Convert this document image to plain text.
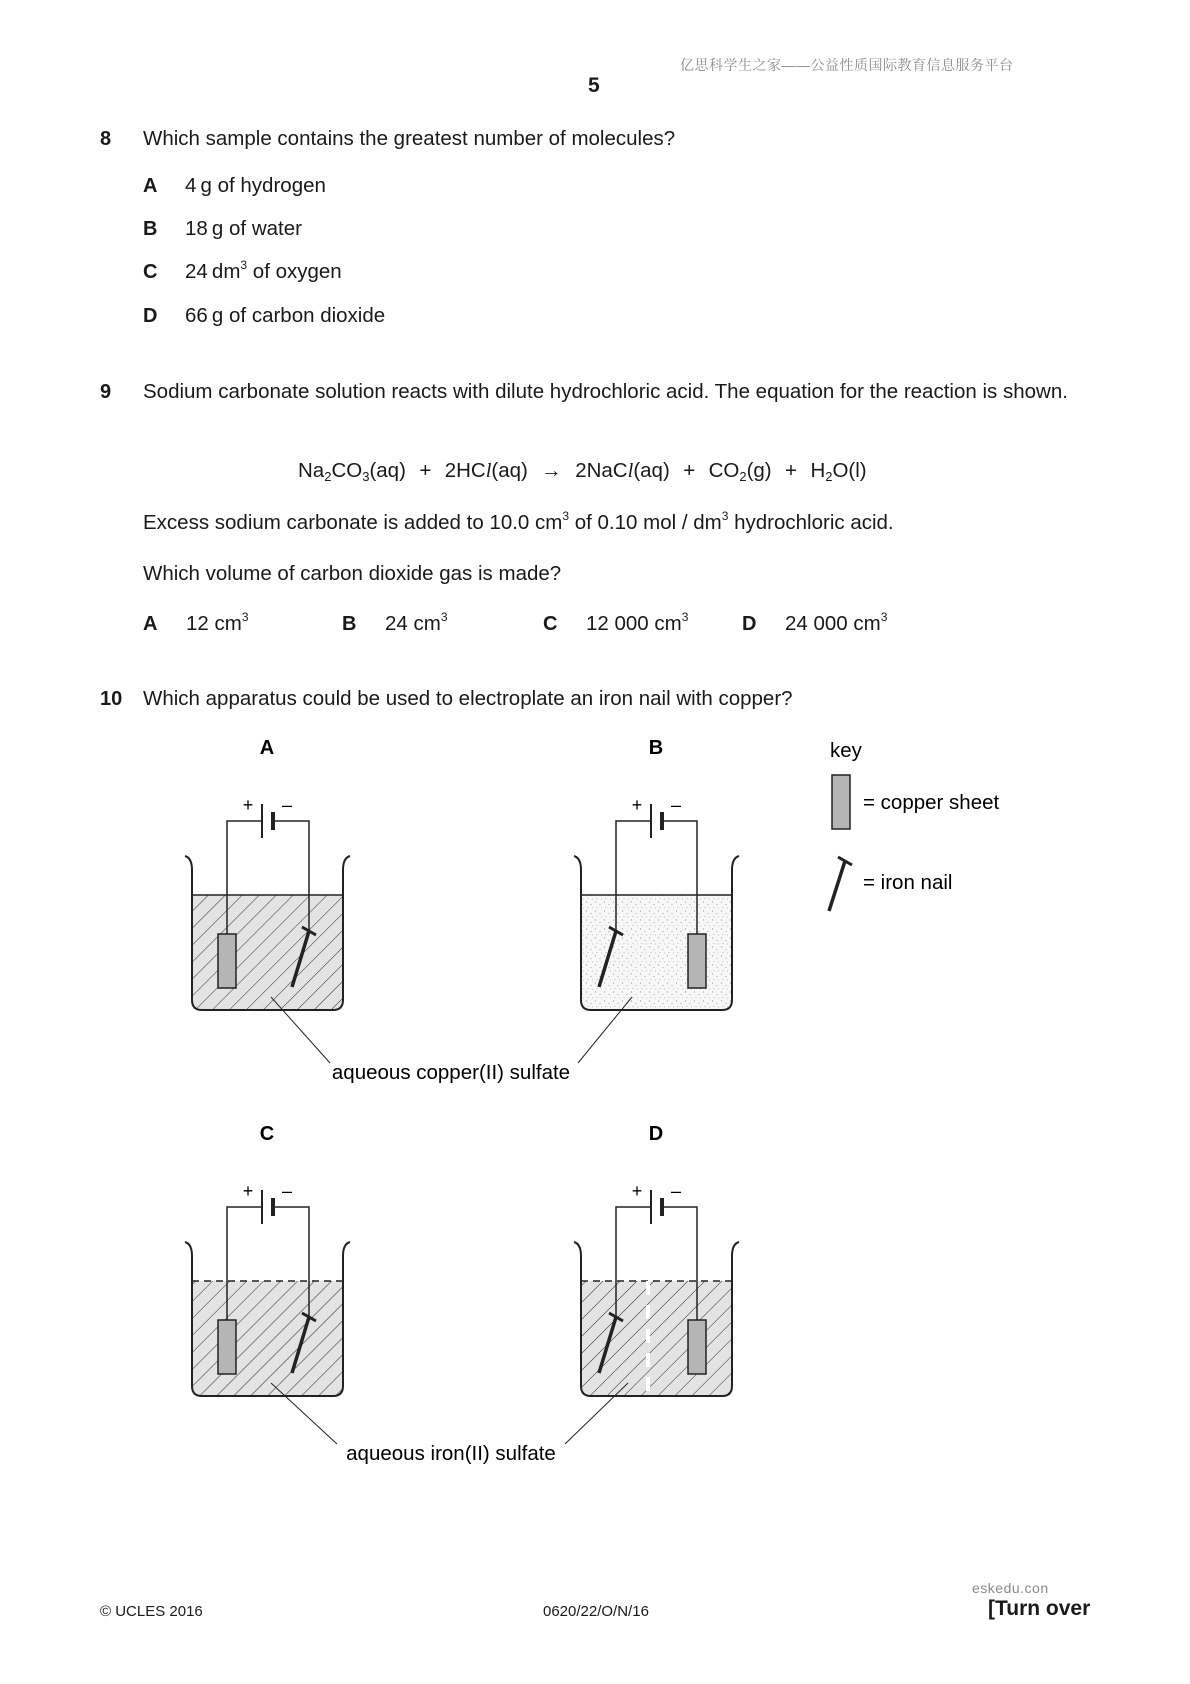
亿思科学生之家——公益性质国际教育信息服务平台
5
8 Which sample contains the greatest number of molecules?
A 4  g of hydrogen
B 18  g of water
C 24  $dm^3$ of oxygen
D 66  g of carbon dioxide
9 Sodium carbonate solution reacts with dilute hydrochloric acid. The equation for the reaction is shown.
$Na_2CO_3(aq) + 2HCl(aq)$ → 2NaCl(aq) + $CO_2(g) + H_2O(l)$
Excess sodium carbonate is added to 10.0 $cm^3$ of 0.10 mol / $dm^3$ hydrochloric acid.
Which volume of carbon dioxide gas is made?
A 12 $cm^3$	B 24 $cm^3$	C 12 000 $cm^3$	D 24 000 $cm^3$
10 Which apparatus could be used to electroplate an iron nail with copper?
A	B
C	D
+ –	+ –
aqueous copper(II) sulfate
+ –	+ –
aqueous iron(II) sulfate
key
= copper sheet
= iron nail
eskedu.con
© UCLES 2016	0620/22/O/N/16	[Turn over
